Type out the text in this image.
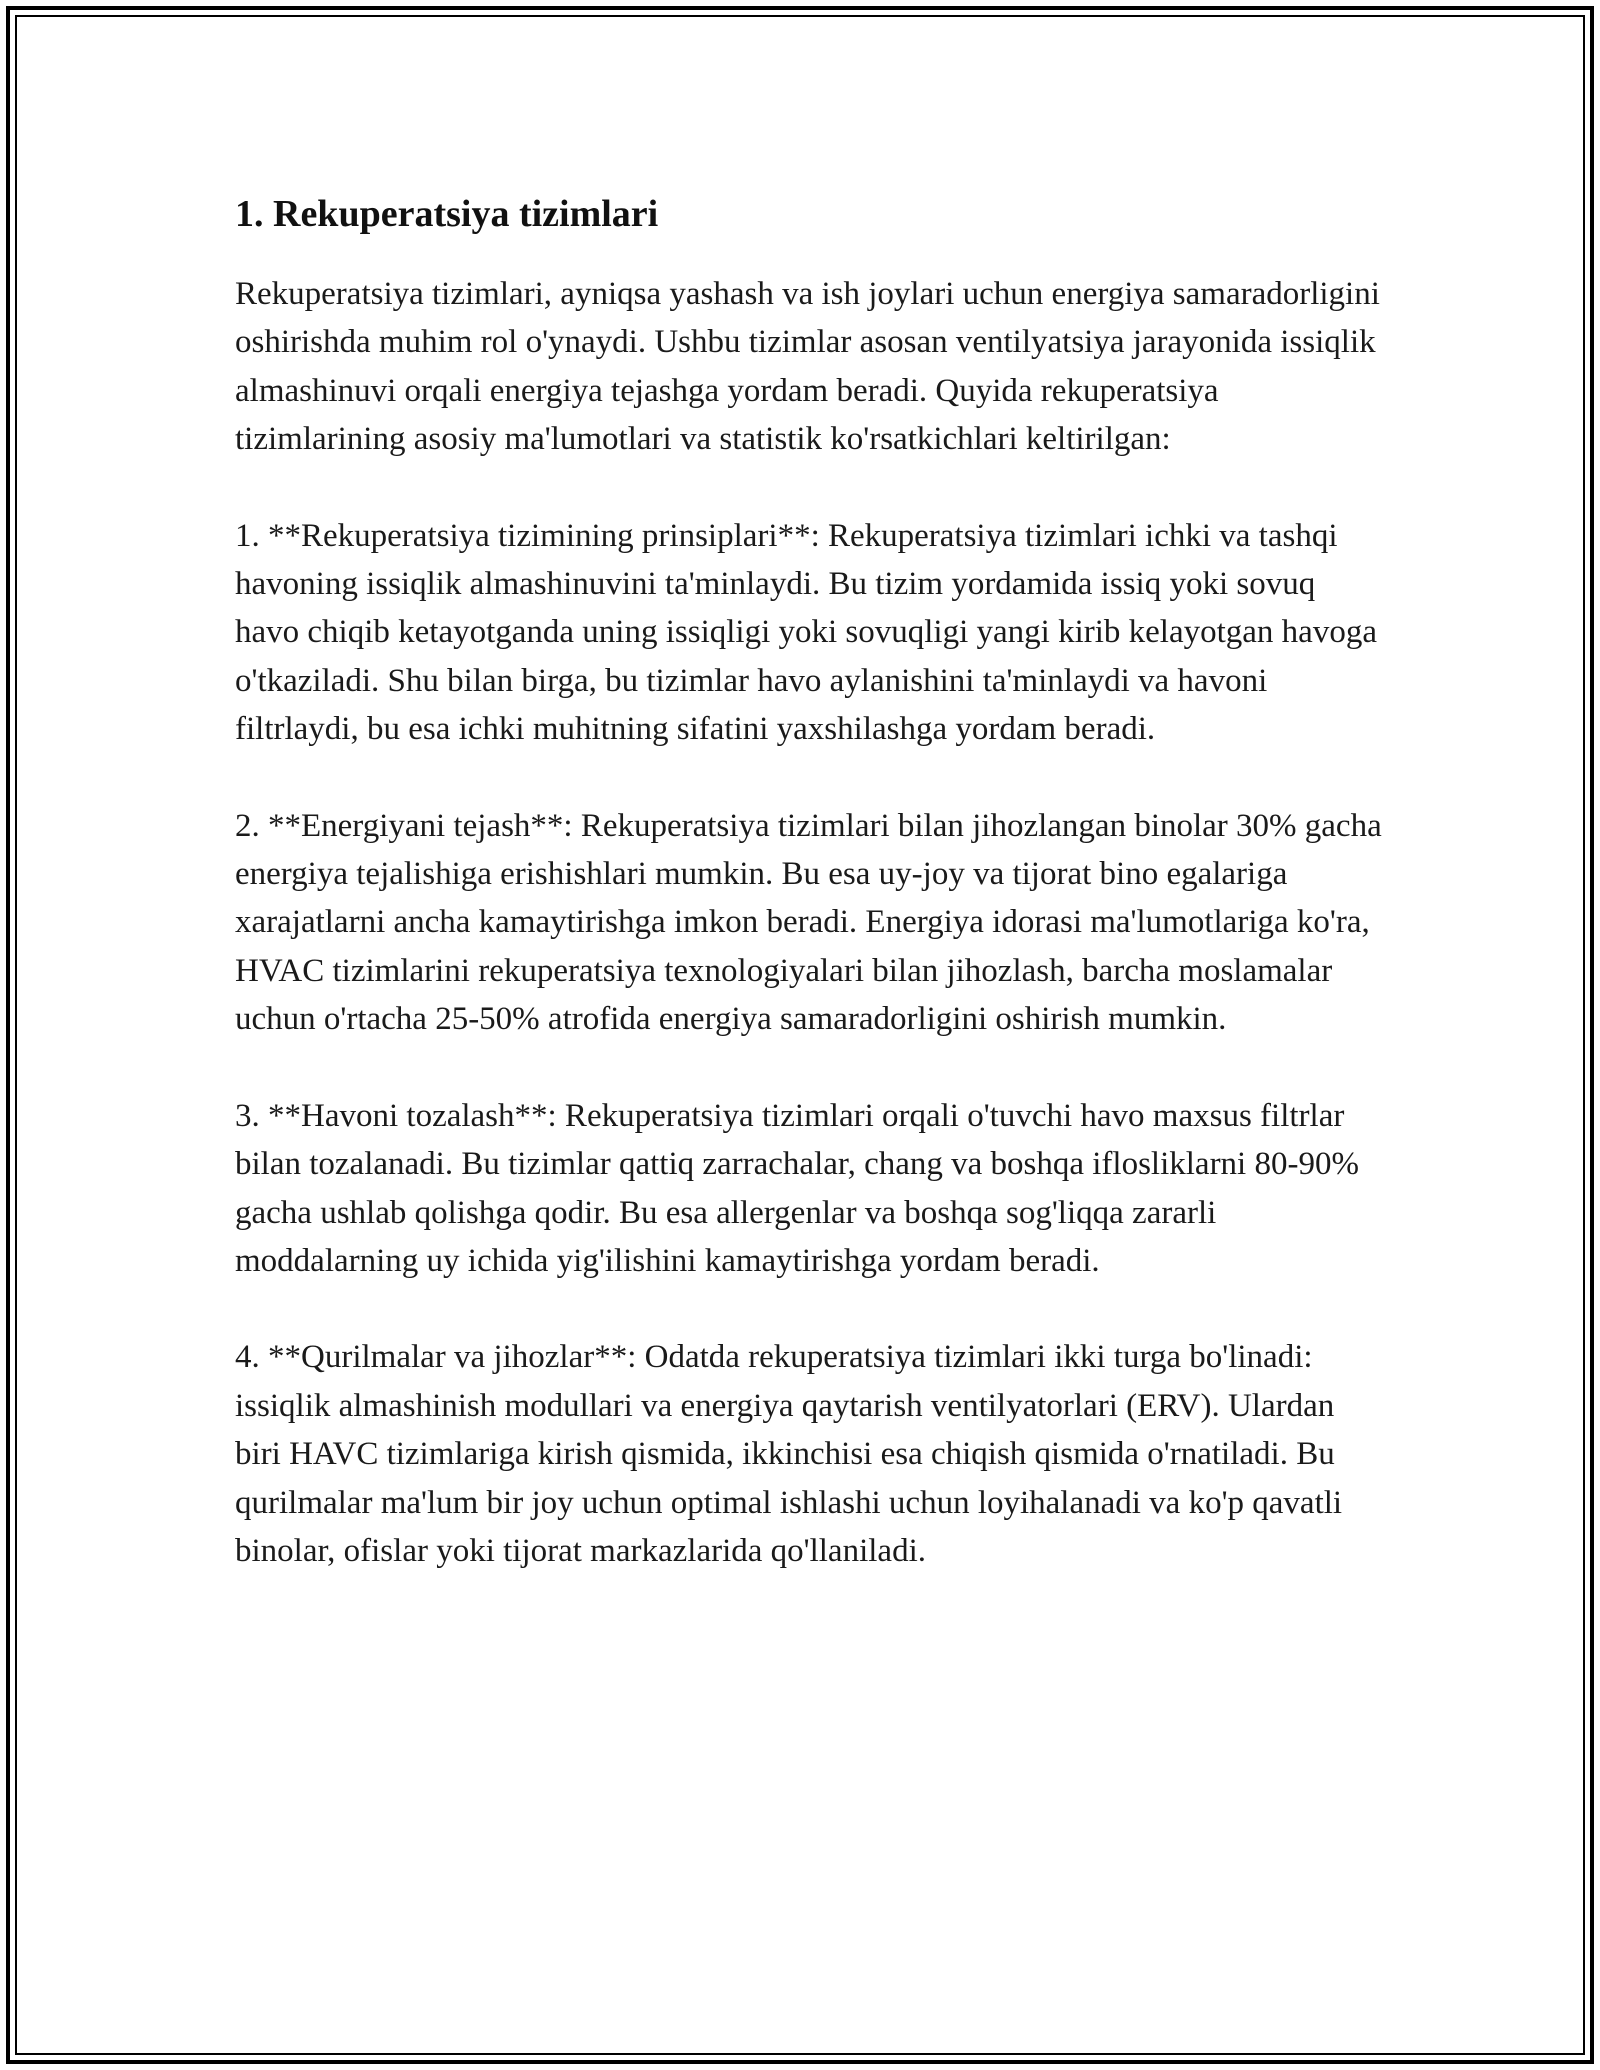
1. Rekuperatsiya tizimlari

Rekuperatsiya tizimlari, ayniqsa yashash va ish joylari uchun energiya samaradorligini oshirishda muhim rol o'ynaydi. Ushbu tizimlar asosan ventilyatsiya jarayonida issiqlik almashinuvi orqali energiya tejashga yordam beradi. Quyida rekuperatsiya tizimlarining asosiy ma'lumotlari va statistik ko'rsatkichlari keltirilgan:

1. **Rekuperatsiya tizimining prinsiplari**: Rekuperatsiya tizimlari ichki va tashqi havoning issiqlik almashinuvini ta'minlaydi. Bu tizim yordamida issiq yoki sovuq havo chiqib ketayotganda uning issiqligi yoki sovuqligi yangi kirib kelayotgan havoga o'tkaziladi. Shu bilan birga, bu tizimlar havo aylanishini ta'minlaydi va havoni filtrlaydi, bu esa ichki muhitning sifatini yaxshilashga yordam beradi.

2. **Energiyani tejash**: Rekuperatsiya tizimlari bilan jihozlangan binolar 30% gacha energiya tejalishiga erishishlari mumkin. Bu esa uy-joy va tijorat bino egalariga xarajatlarni ancha kamaytirishga imkon beradi. Energiya idorasi ma'lumotlariga ko'ra, HVAC tizimlarini rekuperatsiya texnologiyalari bilan jihozlash, barcha moslamalar uchun o'rtacha 25-50% atrofida energiya samaradorligini oshirish mumkin.

3. **Havoni tozalash**: Rekuperatsiya tizimlari orqali o'tuvchi havo maxsus filtrlar bilan tozalanadi. Bu tizimlar qattiq zarrachalar, chang va boshqa iflosliklarni 80-90% gacha ushlab qolishga qodir. Bu esa allergenlar va boshqa sog'liqqa zararli moddalarning uy ichida yig'ilishini kamaytirishga yordam beradi.

4. **Qurilmalar va jihozlar**: Odatda rekuperatsiya tizimlari ikki turga bo'linadi: issiqlik almashinish modullari va energiya qaytarish ventilyatorlari (ERV). Ulardan biri HAVC tizimlariga kirish qismida, ikkinchisi esa chiqish qismida o'rnatiladi. Bu qurilmalar ma'lum bir joy uchun optimal ishlashi uchun loyihalanadi va ko'p qavatli binolar, ofislar yoki tijorat markazlarida qo'llaniladi.
